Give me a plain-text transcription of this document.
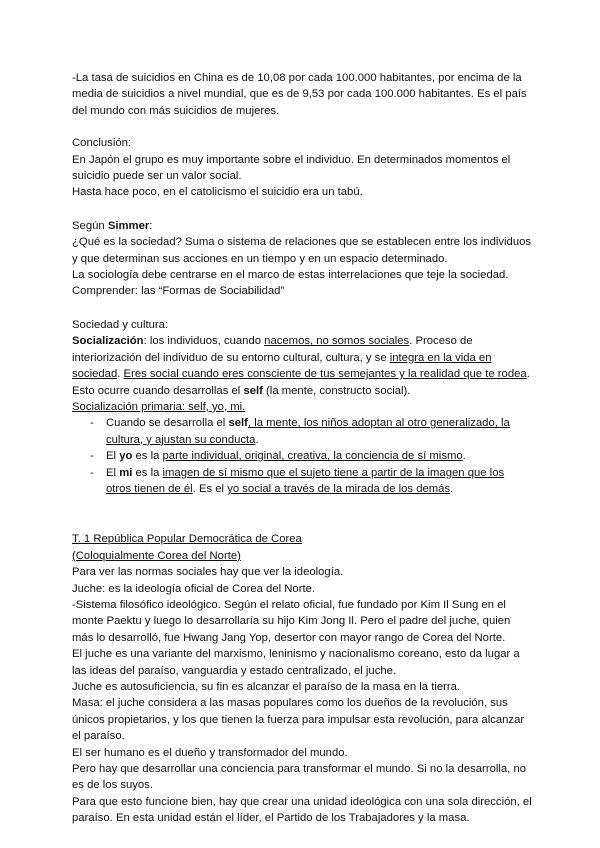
-La tasa de suicidios en China es de 10,08 por cada 100.000 habitantes, por encima de la media de suicidios a nivel mundial, que es de 9,53 por cada 100.000 habitantes. Es el país del mundo con más suicidios de mujeres.

Conclusión:

En Japón el grupo es muy importante sobre el individuo. En determinados momentos el suicidio puede ser un valor social.

Hasta hace poco, en el catolicismo el suicidio era un tabú.

Según Simmer:

¿Qué es la sociedad? Suma o sistema de relaciones que se establecen entre los individuos y que determinan sus acciones en un tiempo y en un espacio determinado.

La sociología debe centrarse en el marco de estas interrelaciones que teje la sociedad.

Comprender: las “Formas de Sociabilidad”

Sociedad y cultura:

Socialización: los individuos, cuando nacemos, no somos sociales. Proceso de interiorización del individuo de su entorno cultural, cultura, y se integra en la vida en sociedad. Eres social cuando eres consciente de tus semejantes y la realidad que te rodea.

Esto ocurre cuando desarrollas el self (la mente, constructo social).

Socialización primaria: self, yo, mi.

- Cuando se desarrolla el self, la mente, los niños adoptan al otro generalizado, la cultura, y ajustan su conducta.
- El yo es la parte individual, original, creativa, la conciencia de sí mismo.
- El mi es la imagen de sí mismo que el sujeto tiene a partir de la imagen que los otros tienen de él. Es el yo social a través de la mirada de los demás.

T. 1 República Popular Democrática de Corea

(Coloquialmente Corea del Norte)

Para ver las normas sociales hay que ver la ideología.

Juche: es la ideología oficial de Corea del Norte.

-Sistema filosófico ideológico. Según el relato oficial, fue fundado por Kim Il Sung en el monte Paektu y luego lo desarrollaría su hijo Kim Jong Il. Pero el padre del juche, quien más lo desarrolló, fue Hwang Jang Yop, desertor con mayor rango de Corea del Norte.

El juche es una variante del marxismo, leninismo y nacionalismo coreano, esto da lugar a las ideas del paraíso, vanguardia y estado centralizado, el juche.

Juche es autosuficiencia, su fin es alcanzar el paraíso de la masa en la tierra.

Masa: el juche considera a las masas populares como los dueños de la revolución, sus únicos propietarios, y los que tienen la fuerza para impulsar esta revolución, para alcanzar el paraíso.

El ser humano es el dueño y transformador del mundo.

Pero hay que desarrollar una conciencia para transformar el mundo. Si no la desarrolla, no es de los suyos.

Para que esto funcione bien, hay que crear una unidad ideológica con una sola dirección, el paraíso. En esta unidad están el líder, el Partido de los Trabajadores y la masa.
